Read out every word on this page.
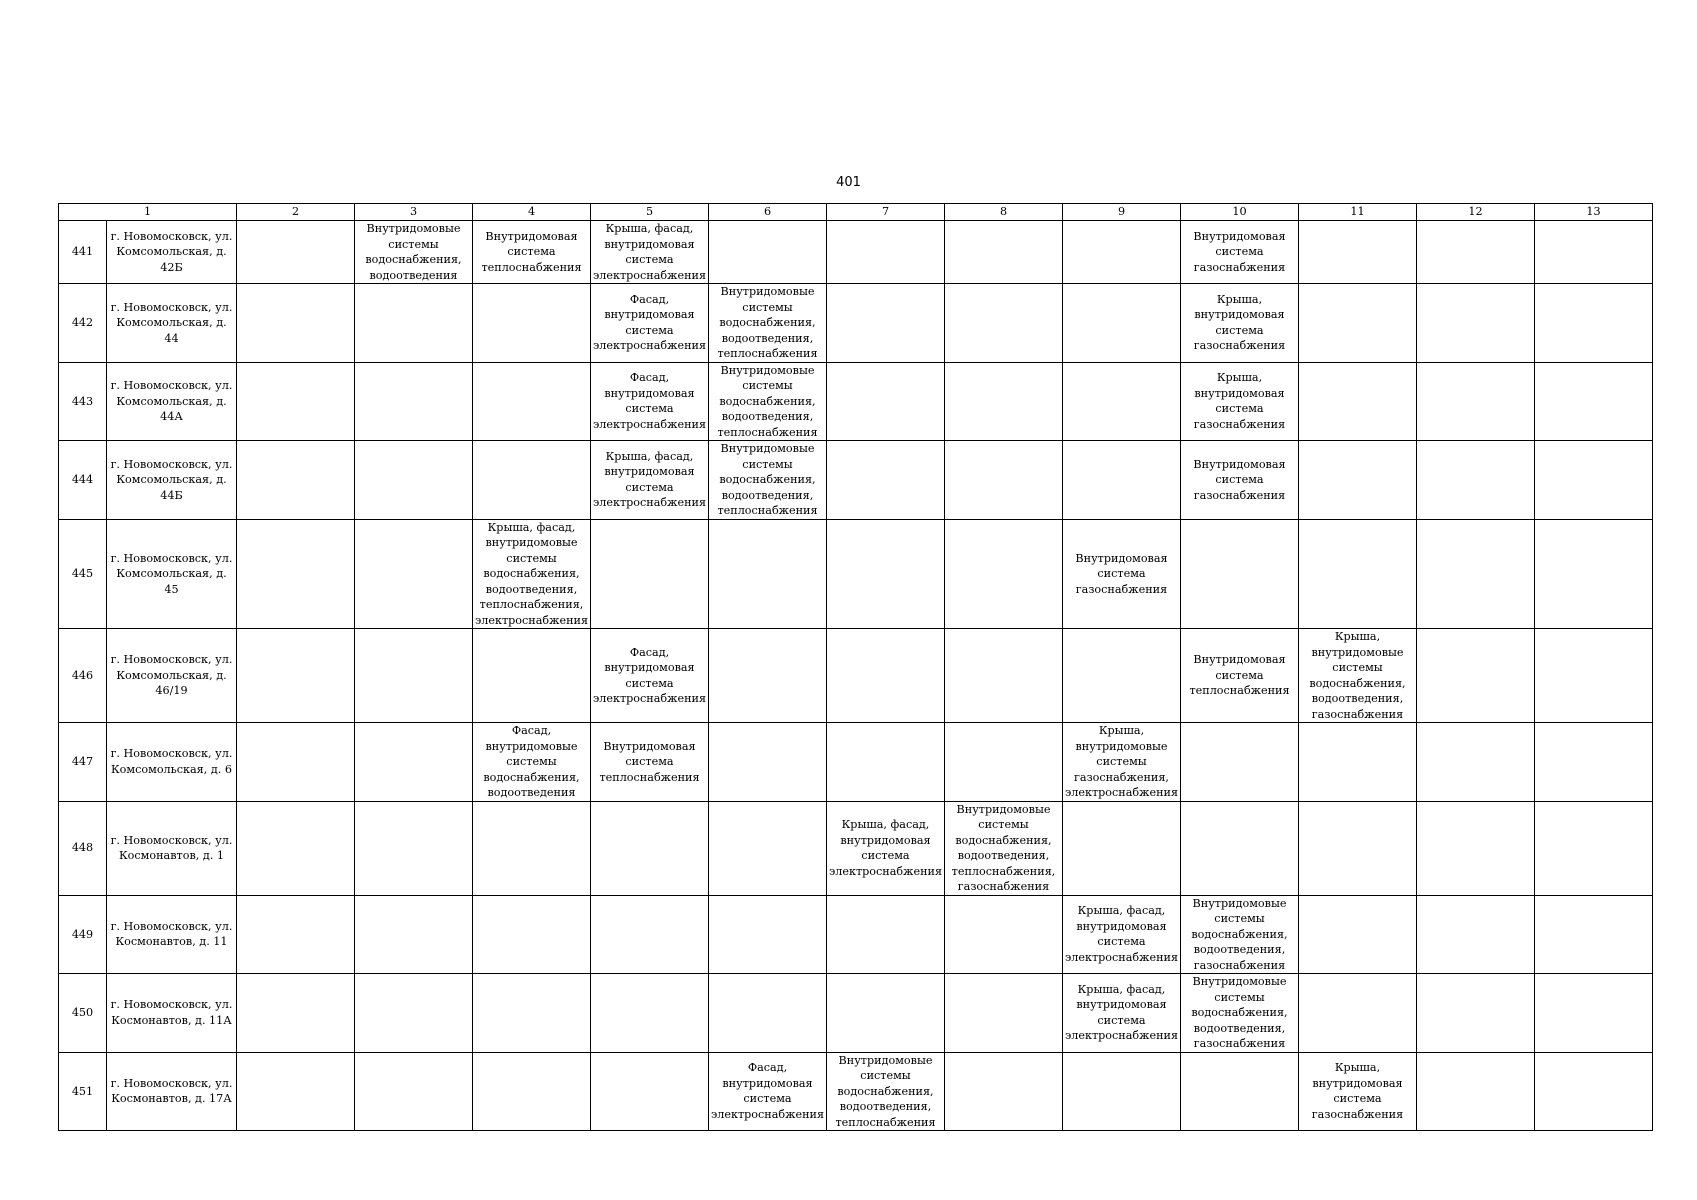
401
1		2	3	4	5	6	7	8	9	10	11	12	13
441	г. Новомосковск, ул. Комсомольская, д. 42Б		Внутридомовые системы водоснабжения, водоотведения	Внутридомовая система теплоснабжения	Крыша, фасад, внутридомовая система электроснабжения					Внутридомовая система газоснабжения			
442	г. Новомосковск, ул. Комсомольская, д. 44				Фасад, внутридомовая система электроснабжения	Внутридомовые системы водоснабжения, водоотведения, теплоснабжения				Крыша, внутридомовая система газоснабжения			
443	г. Новомосковск, ул. Комсомольская, д. 44А				Фасад, внутридомовая система электроснабжения	Внутридомовые системы водоснабжения, водоотведения, теплоснабжения				Крыша, внутридомовая система газоснабжения			
444	г. Новомосковск, ул. Комсомольская, д. 44Б				Крыша, фасад, внутридомовая система электроснабжения	Внутридомовые системы водоснабжения, водоотведения, теплоснабжения				Внутридомовая система газоснабжения			
445	г. Новомосковск, ул. Комсомольская, д. 45			Крыша, фасад, внутридомовые системы водоснабжения, водоотведения, теплоснабжения, электроснабжения					Внутридомовая система газоснабжения				
446	г. Новомосковск, ул. Комсомольская, д. 46/19				Фасад, внутридомовая система электроснабжения					Внутридомовая система теплоснабжения	Крыша, внутридомовые системы водоснабжения, водоотведения, газоснабжения		
447	г. Новомосковск, ул. Комсомольская, д. 6			Фасад, внутридомовые системы водоснабжения, водоотведения	Внутридомовая система теплоснабжения				Крыша, внутридомовые системы газоснабжения, электроснабжения				
448	г. Новомосковск, ул. Космонавтов, д. 1						Крыша, фасад, внутридомовая система электроснабжения	Внутридомовые системы водоснабжения, водоотведения, теплоснабжения, газоснабжения					
449	г. Новомосковск, ул. Космонавтов, д. 11								Крыша, фасад, внутридомовая система электроснабжения	Внутридомовые системы водоснабжения, водоотведения, газоснабжения			
450	г. Новомосковск, ул. Космонавтов, д. 11А								Крыша, фасад, внутридомовая система электроснабжения	Внутридомовые системы водоснабжения, водоотведения, газоснабжения			
451	г. Новомосковск, ул. Космонавтов, д. 17А					Фасад, внутридомовая система электроснабжения	Внутридомовые системы водоснабжения, водоотведения, теплоснабжения				Крыша, внутридомовая система газоснабжения		
